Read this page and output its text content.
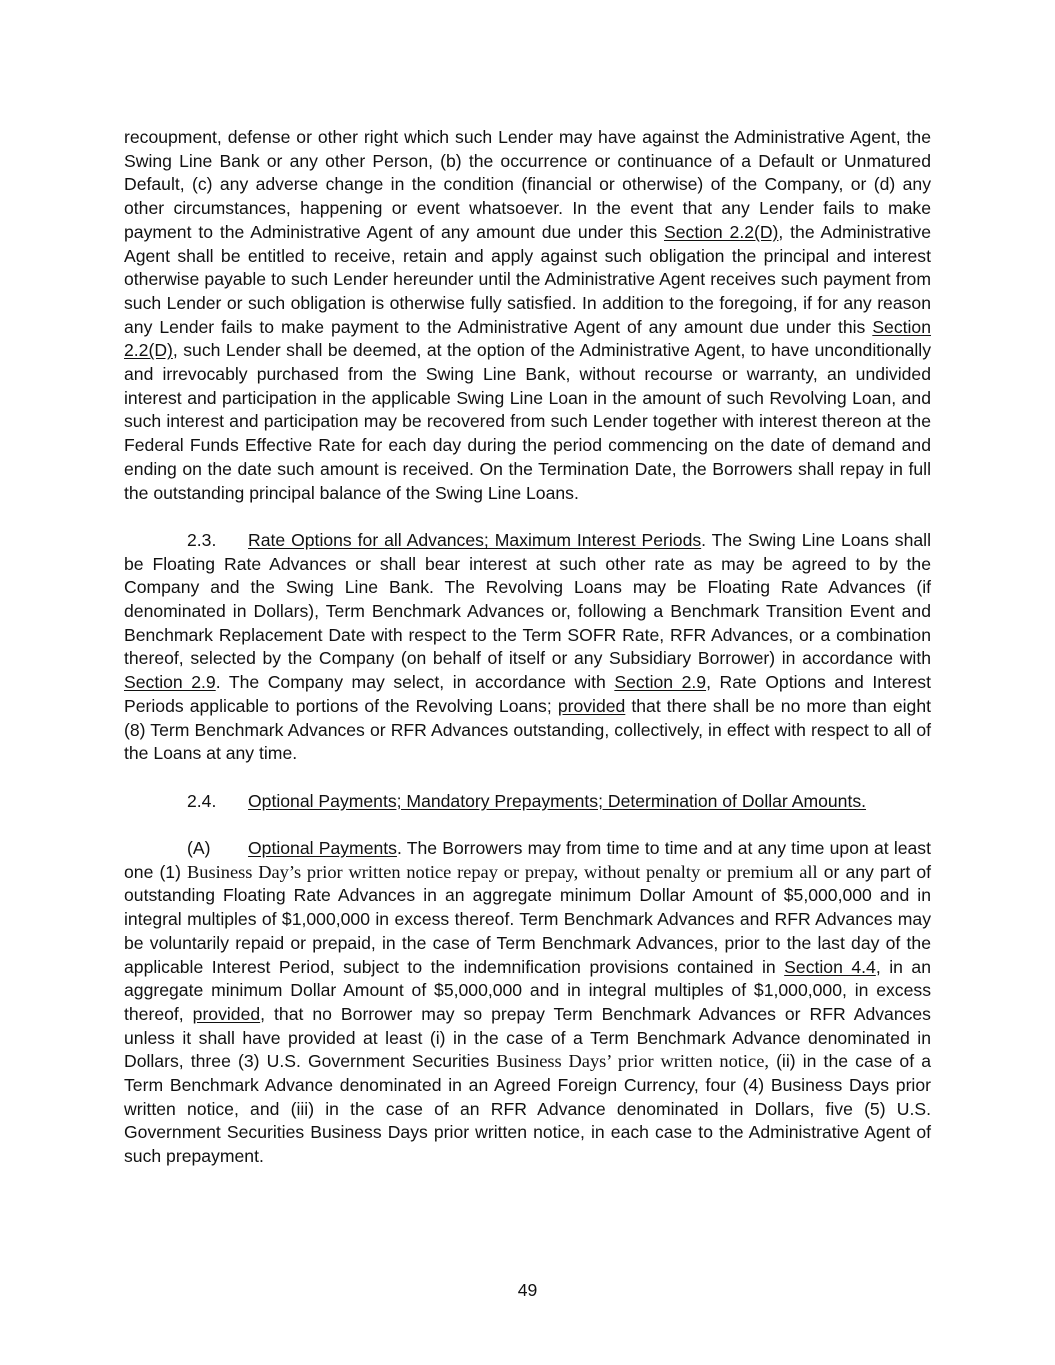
recoupment, defense or other right which such Lender may have against the Administrative Agent, the Swing Line Bank or any other Person, (b) the occurrence or continuance of a Default or Unmatured Default, (c) any adverse change in the condition (financial or otherwise) of the Company, or (d) any other circumstances, happening or event whatsoever. In the event that any Lender fails to make payment to the Administrative Agent of any amount due under this Section 2.2(D), the Administrative Agent shall be entitled to receive, retain and apply against such obligation the principal and interest otherwise payable to such Lender hereunder until the Administrative Agent receives such payment from such Lender or such obligation is otherwise fully satisfied. In addition to the foregoing, if for any reason any Lender fails to make payment to the Administrative Agent of any amount due under this Section 2.2(D), such Lender shall be deemed, at the option of the Administrative Agent, to have unconditionally and irrevocably purchased from the Swing Line Bank, without recourse or warranty, an undivided interest and participation in the applicable Swing Line Loan in the amount of such Revolving Loan, and such interest and participation may be recovered from such Lender together with interest thereon at the Federal Funds Effective Rate for each day during the period commencing on the date of demand and ending on the date such amount is received. On the Termination Date, the Borrowers shall repay in full the outstanding principal balance of the Swing Line Loans.

2.3. Rate Options for all Advances; Maximum Interest Periods. The Swing Line Loans shall be Floating Rate Advances or shall bear interest at such other rate as may be agreed to by the Company and the Swing Line Bank. The Revolving Loans may be Floating Rate Advances (if denominated in Dollars), Term Benchmark Advances or, following a Benchmark Transition Event and Benchmark Replacement Date with respect to the Term SOFR Rate, RFR Advances, or a combination thereof, selected by the Company (on behalf of itself or any Subsidiary Borrower) in accordance with Section 2.9. The Company may select, in accordance with Section 2.9, Rate Options and Interest Periods applicable to portions of the Revolving Loans; provided that there shall be no more than eight (8) Term Benchmark Advances or RFR Advances outstanding, collectively, in effect with respect to all of the Loans at any time.

2.4. Optional Payments; Mandatory Prepayments; Determination of Dollar Amounts.

(A) Optional Payments. The Borrowers may from time to time and at any time upon at least one (1) Business Day’s prior written notice repay or prepay, without penalty or premium all or any part of outstanding Floating Rate Advances in an aggregate minimum Dollar Amount of $5,000,000 and in integral multiples of $1,000,000 in excess thereof. Term Benchmark Advances and RFR Advances may be voluntarily repaid or prepaid, in the case of Term Benchmark Advances, prior to the last day of the applicable Interest Period, subject to the indemnification provisions contained in Section 4.4, in an aggregate minimum Dollar Amount of $5,000,000 and in integral multiples of $1,000,000, in excess thereof, provided, that no Borrower may so prepay Term Benchmark Advances or RFR Advances unless it shall have provided at least (i) in the case of a Term Benchmark Advance denominated in Dollars, three (3) U.S. Government Securities Business Days’ prior written notice, (ii) in the case of a Term Benchmark Advance denominated in an Agreed Foreign Currency, four (4) Business Days prior written notice, and (iii) in the case of an RFR Advance denominated in Dollars, five (5) U.S. Government Securities Business Days prior written notice, in each case to the Administrative Agent of such prepayment.

49
